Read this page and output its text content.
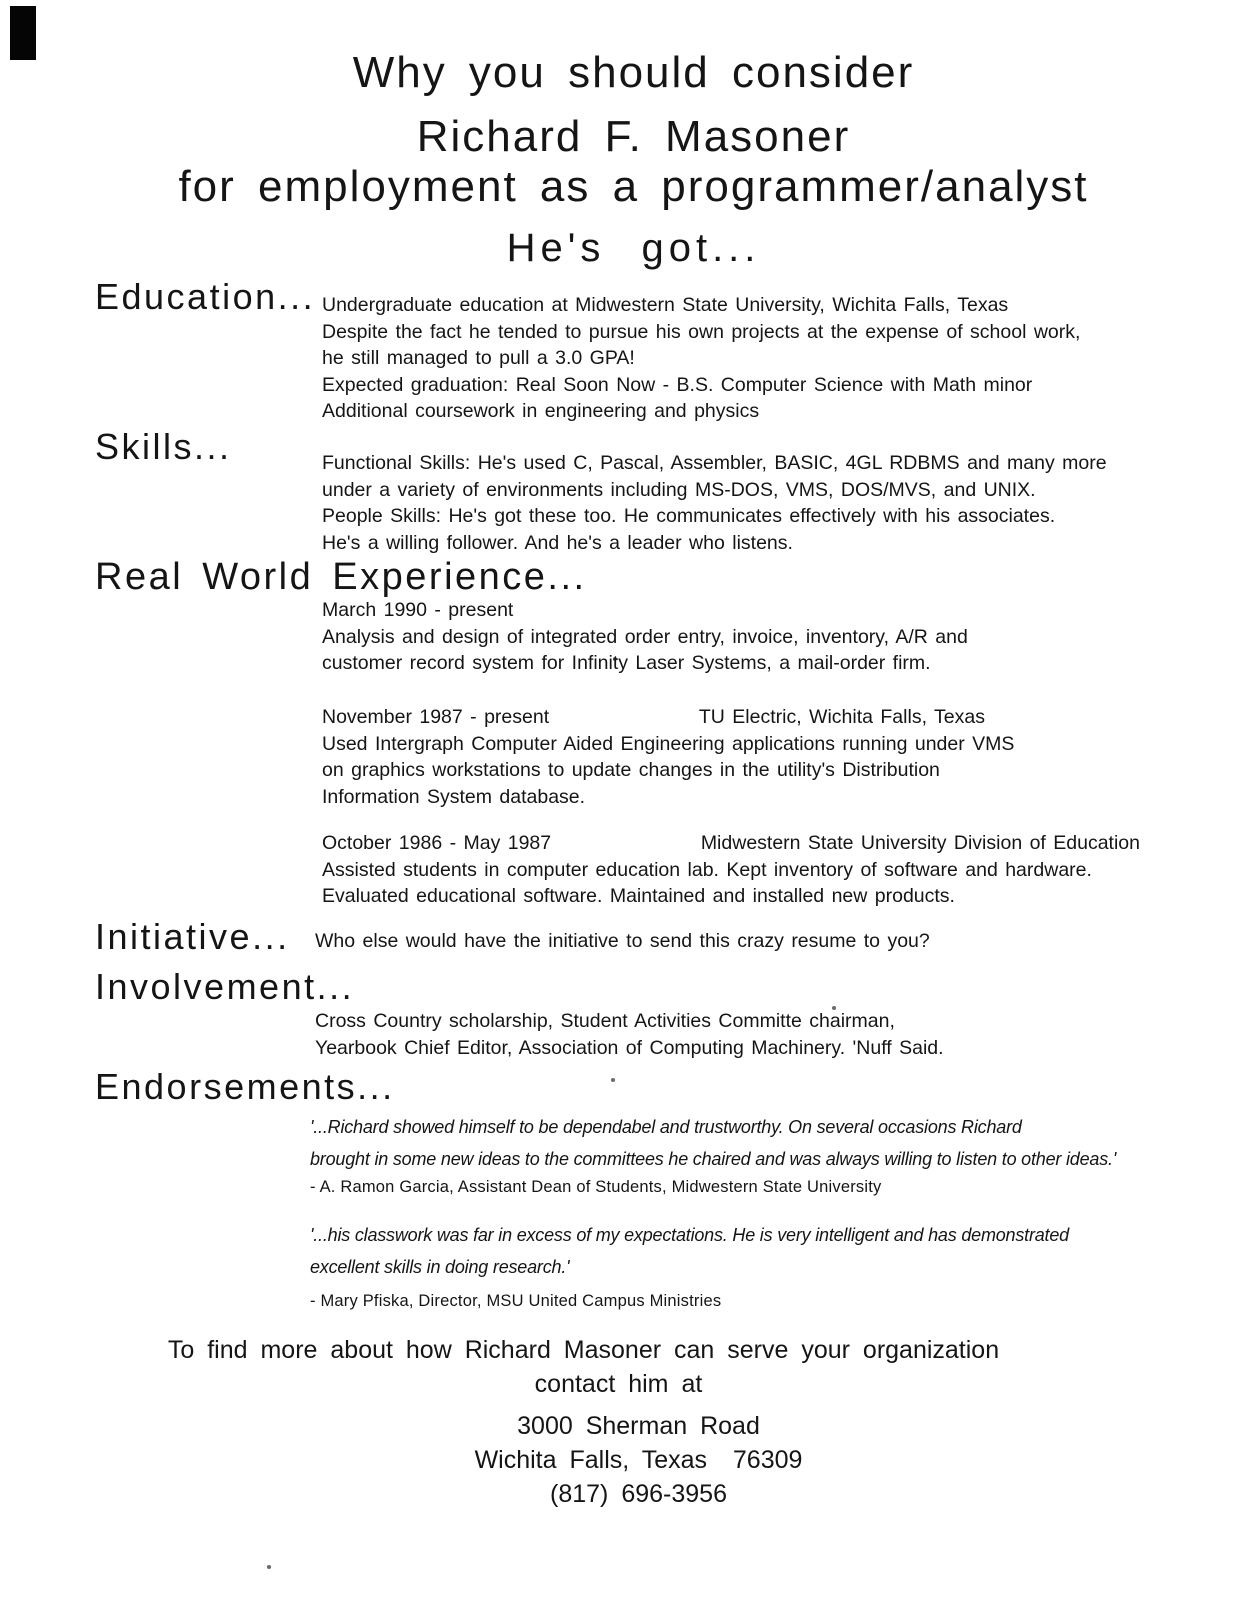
Why you should consider
Richard F. Masoner
for employment as a programmer/analyst
He's got...
Education...
Skills...
Real World Experience...
Initiative...
Involvement...
Endorsements...
Undergraduate education at Midwestern State University, Wichita Falls, Texas
Despite the fact he tended to pursue his own projects at the expense of school work,
he still managed to pull a 3.0 GPA!
Expected graduation: Real Soon Now - B.S. Computer Science with Math minor
Additional coursework in engineering and physics
Functional Skills: He's used C, Pascal, Assembler, BASIC, 4GL RDBMS and many more
under a variety of environments including MS-DOS, VMS, DOS/MVS, and UNIX.
People Skills: He's got these too. He communicates effectively with his associates.
He's a willing follower. And he's a leader who listens.
March 1990 - present
Analysis and design of integrated order entry, invoice, inventory, A/R and
customer record system for Infinity Laser Systems, a mail-order firm.
November 1987 - present	TU Electric, Wichita Falls, Texas
Used Intergraph Computer Aided Engineering applications running under VMS
on graphics workstations to update changes in the utility's Distribution
Information System database.
October 1986 - May 1987	Midwestern State University Division of Education
Assisted students in computer education lab. Kept inventory of software and hardware.
Evaluated educational software. Maintained and installed new products.
Who else would have the initiative to send this crazy resume to you?
Cross Country scholarship, Student Activities Committe chairman,
Yearbook Chief Editor, Association of Computing Machinery. 'Nuff Said.
'...Richard showed himself to be dependabel and trustworthy. On several occasions Richard
brought in some new ideas to the committees he chaired and was always willing to listen to other ideas.'
- A. Ramon Garcia, Assistant Dean of Students, Midwestern State University
'...his classwork was far in excess of my expectations. He is very intelligent and has demonstrated
excellent skills in doing research.'
- Mary Pfiska, Director, MSU United Campus Ministries
To find more about how Richard Masoner can serve your organization
contact him at
3000 Sherman Road
Wichita Falls, Texas  76309
(817) 696-3956
